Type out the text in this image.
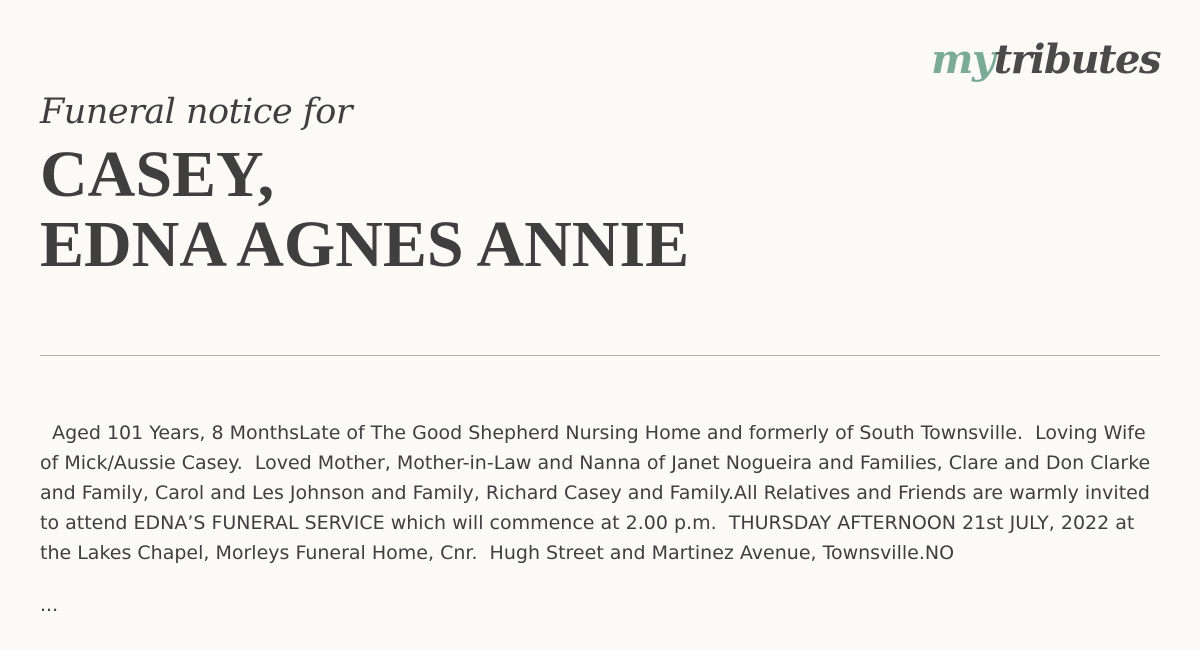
mytributes
Funeral notice for
CASEY,
EDNA AGNES ANNIE

Aged 101 Years, 8 MonthsLate of The Good Shepherd Nursing Home and formerly of South Townsville.  Loving Wife of Mick/Aussie Casey.  Loved Mother, Mother-in-Law and Nanna of Janet Nogueira and Families, Clare and Don Clarke and Family, Carol and Les Johnson and Family, Richard Casey and Family.All Relatives and Friends are warmly invited to attend EDNA’S FUNERAL SERVICE which will commence at 2.00 p.m.  THURSDAY AFTERNOON 21st JULY, 2022 at the Lakes Chapel, Morleys Funeral Home, Cnr.  Hugh Street and Martinez Avenue, Townsville.NO

...
